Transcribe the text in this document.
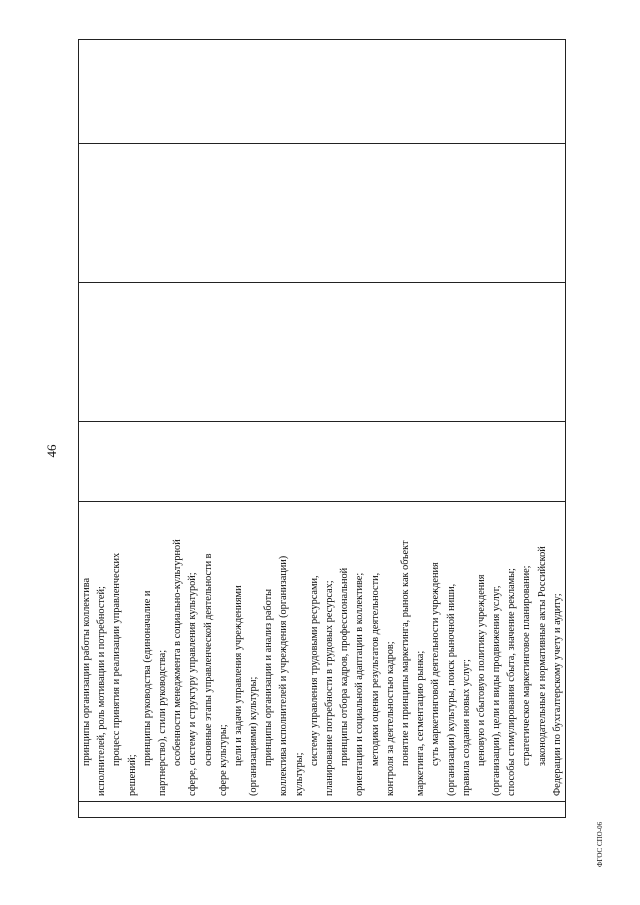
46

принципы организации работы коллектива исполнителей, роль мотивации и потребностей; процесс принятия и реализации управленческих
решений;
принципы руководства (единоначалие и партнерство), стили руководства; особенности менеджмента в социально-культурной сфере, систему и структуру управления культурой; основные этапы управленческой деятельности в сфере культуры; цели и задачи управления учреждениями (организациями) культуры; принципы организации и анализ работы коллектива исполнителей и учреждения (организации) культуры;
систему управления трудовыми ресурсами, планирование потребности в трудовых ресурсах; принципы отбора кадров, профессиональной ориентации и социальной адаптации в коллективе; методики оценки результатов деятельности, контроля за деятельностью кадров; понятие и принципы маркетинга, рынок как объект маркетинга, сегментацию рынка; суть маркетинговой деятельности учреждения (организации) культуры, поиск рыночной ниши, правила создания новых услуг; ценовую и сбытовую политику учреждения (организации), цели и виды продвижения услуг, способы стимулирования сбыта, значение рекламы; стратегическое маркетинговое планирование; законодательные и нормативные акты Российской Федерации по бухгалтерскому учету и аудиту;

ФГОС СПО-06
